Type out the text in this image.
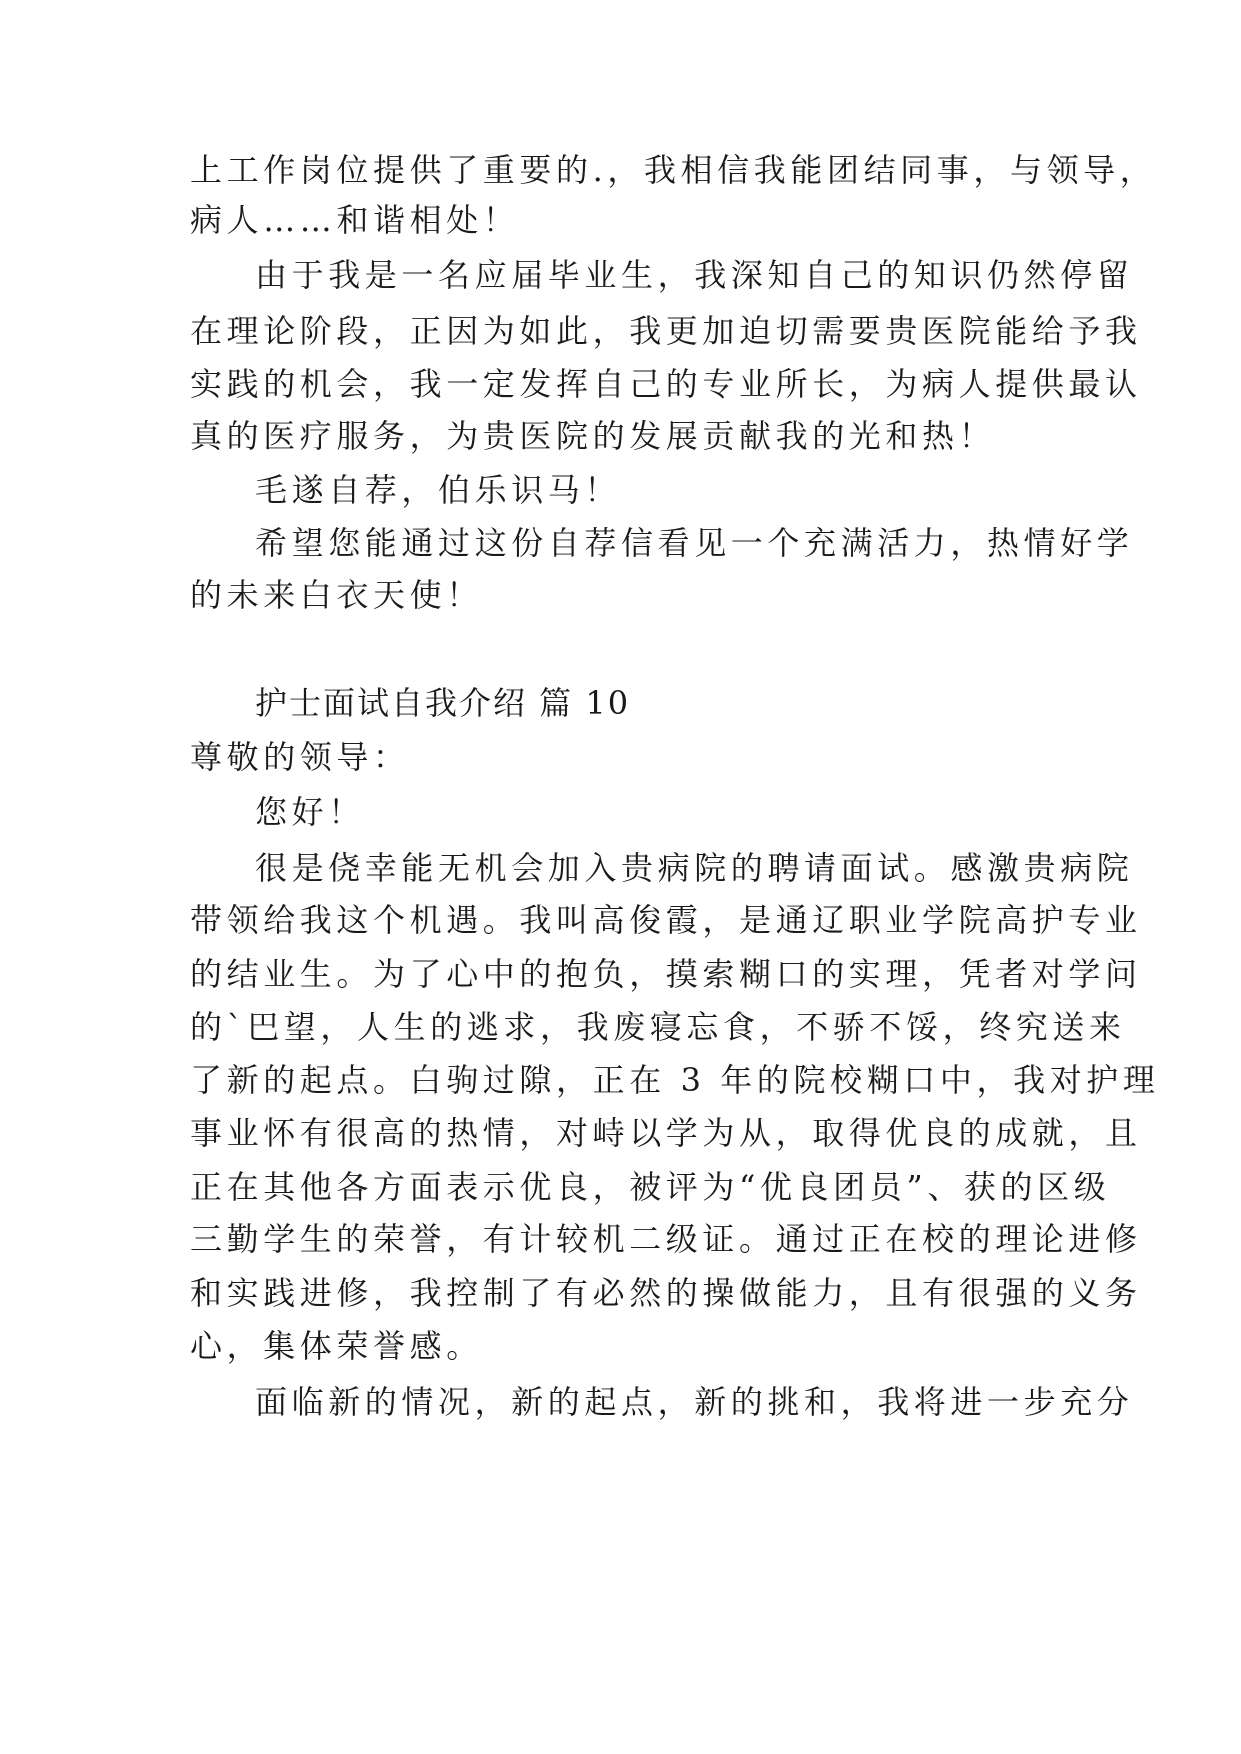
上工作岗位提供了重要的.，我相信我能团结同事，与领导，
病人……和谐相处！
由于我是一名应届毕业生，我深知自己的知识仍然停留
在理论阶段，正因为如此，我更加迫切需要贵医院能给予我
实践的机会，我一定发挥自己的专业所长，为病人提供最认
真的医疗服务，为贵医院的发展贡献我的光和热！
毛遂自荐，伯乐识马！
希望您能通过这份自荐信看见一个充满活力，热情好学
的未来白衣天使！
护士面试自我介绍 篇 10
尊敬的领导：
您好！
很是侥幸能无机会加入贵病院的聘请面试。感激贵病院
带领给我这个机遇。我叫高俊霞，是通辽职业学院高护专业
的结业生。为了心中的抱负，摸索糊口的实理，凭者对学问
的`巴望，人生的逃求，我废寝忘食，不骄不馁，终究送来
了新的起点。白驹过隙，正在 3 年的院校糊口中，我对护理
事业怀有很高的热情，对峙以学为从，取得优良的成就，且
正在其他各方面表示优良，被评为“优良团员”、获的区级
三勤学生的荣誉，有计较机二级证。通过正在校的理论进修
和实践进修，我控制了有必然的操做能力，且有很强的义务
心，集体荣誉感。
面临新的情况，新的起点，新的挑和，我将进一步充分
